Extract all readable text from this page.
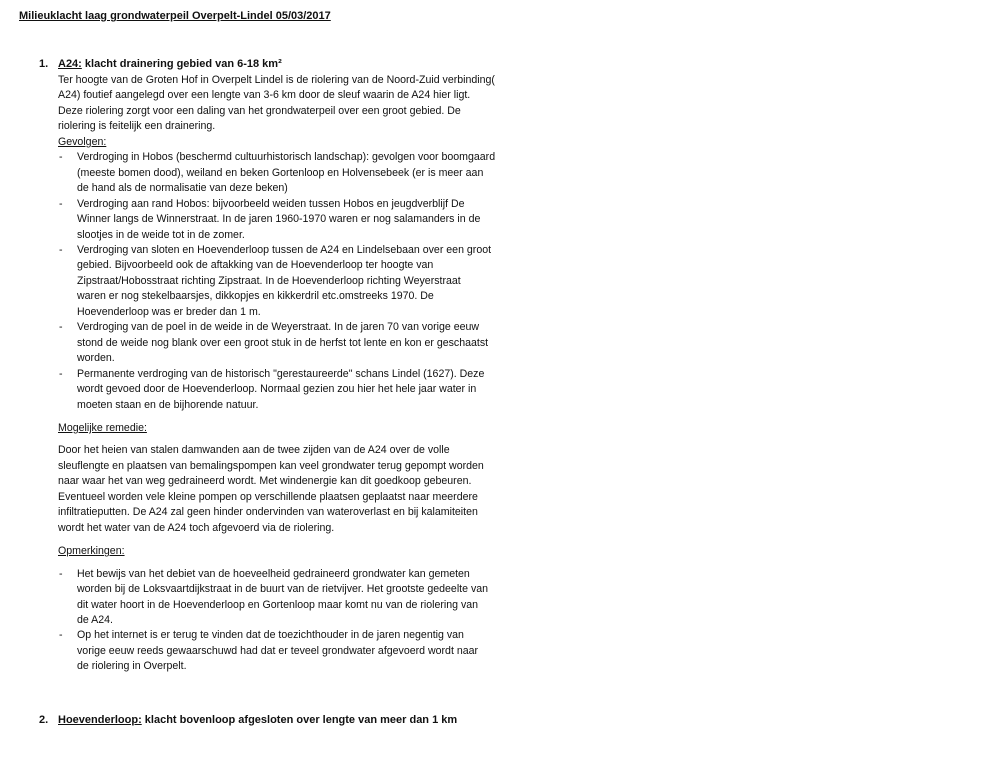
Milieuklacht laag grondwaterpeil Overpelt-Lindel 05/03/2017
1. A24: klacht drainering gebied van 6-18 km²

Ter hoogte van de Groten Hof in Overpelt Lindel is de riolering van de Noord-Zuid verbinding(
A24) foutief aangelegd over een lengte van 3-6 km door de sleuf waarin de A24 hier ligt.
Deze riolering zorgt voor een daling van het grondwaterpeil over een groot gebied. De
riolering is feitelijk een drainering.

Gevolgen:

- Verdroging in Hobos (beschermd cultuurhistorisch landschap): gevolgen voor boomgaard
(meeste bomen dood), weiland en beken Gortenloop en Holvensebeek (er is meer aan
de hand als de normalisatie van deze beken)
- Verdroging aan rand Hobos: bijvoorbeeld weiden tussen Hobos en jeugdverblijf De
Winner langs de Winnerstraat. In de jaren 1960-1970 waren er nog salamanders in de
slootjes in de weide tot in de zomer.
- Verdroging van sloten en Hoevenderloop tussen de A24 en Lindelsebaan over een groot
gebied. Bijvoorbeeld ook de aftakking van de Hoevenderloop ter hoogte van
Zipstraat/Hobosstraat richting Zipstraat. In de Hoevenderloop richting Weyerstraat
waren er nog stekelbaarsjes, dikkopjes en kikkerdril etc.omstreeks 1970. De
Hoevenderloop was er breder dan 1 m.
- Verdroging van de poel in de weide in de Weyerstraat. In de jaren 70 van vorige eeuw
stond de weide nog blank over een groot stuk in de herfst tot lente en kon er geschaatst
worden.
- Permanente verdroging van de historisch "gerestaureerde" schans Lindel (1627). Deze
wordt gevoed door de Hoevenderloop. Normaal gezien zou hier het hele jaar water in
moeten staan en de bijhorende natuur.

Mogelijke remedie:

Door het heien van stalen damwanden aan de twee zijden van de A24 over de volle
sleuflengte en plaatsen van bemalingspompen kan veel grondwater terug gepompt worden
naar waar het van weg gedraineerd wordt. Met windenergie kan dit goedkoop gebeuren.
Eventueel worden vele kleine pompen op verschillende plaatsen geplaatst naar meerdere
infiltratieputten. De A24 zal geen hinder ondervinden van wateroverlast en bij kalamiteiten
wordt het water van de A24 toch afgevoerd via de riolering.

Opmerkingen:

- Het bewijs van het debiet van de hoeveelheid gedraineerd grondwater kan gemeten
worden bij de Loksvaartdijkstraat in de buurt van de rietvijver. Het grootste gedeelte van
dit water hoort in de Hoevenderloop en Gortenloop maar komt nu van de riolering van
de A24.
- Op het internet is er terug te vinden dat de toezichthouder in de jaren negentig van
vorige eeuw reeds gewaarschuwd had dat er teveel grondwater afgevoerd wordt naar
de riolering in Overpelt.
2. Hoevenderloop: klacht bovenloop afgesloten over lengte van meer dan 1 km
